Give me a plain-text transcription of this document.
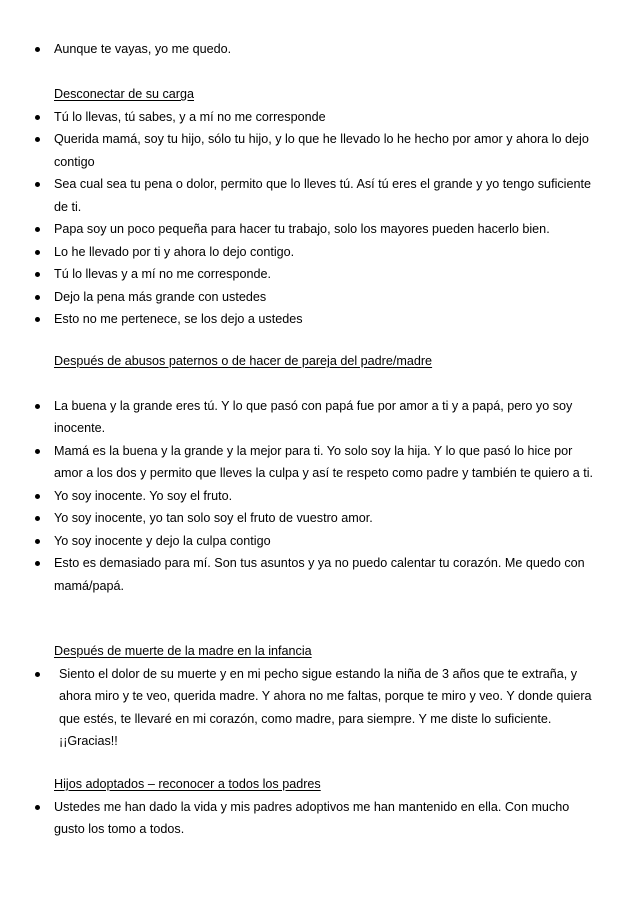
Aunque te vayas, yo me quedo.
Desconectar de su carga
Tú lo llevas, tú sabes, y a mí no me corresponde
Querida mamá, soy tu hijo, sólo tu hijo, y lo que he llevado lo he hecho por amor y ahora lo dejo contigo
Sea cual sea tu pena o dolor, permito que lo lleves tú. Así tú eres el grande y yo tengo suficiente de ti.
Papa soy un poco pequeña para hacer tu trabajo, solo los mayores pueden hacerlo bien.
Lo he llevado por ti y ahora lo dejo contigo.
Tú lo llevas y a mí no me corresponde.
Dejo la pena más grande con ustedes
Esto no me pertenece, se los dejo a ustedes
Después de abusos paternos o de hacer de pareja del padre/madre
La buena y la grande eres tú. Y lo que pasó con papá fue por amor a ti y a papá, pero yo soy inocente.
Mamá es la buena y la grande y la mejor para ti. Yo solo soy la hija. Y lo que pasó lo hice por amor a los dos y permito que lleves la culpa y así te respeto como padre y también te quiero a ti.
Yo soy inocente. Yo soy el fruto.
Yo soy inocente, yo tan solo soy el fruto de vuestro amor.
Yo soy inocente y dejo la culpa contigo
Esto es demasiado para mí. Son tus asuntos y ya no puedo calentar tu corazón. Me quedo con mamá/papá.
Después de muerte de la madre en la infancia
Siento el dolor de su muerte y en mi pecho sigue estando la niña de 3 años que te extraña, y ahora miro y te veo, querida madre. Y ahora no me faltas, porque te miro y veo. Y donde quiera que estés, te llevaré en mi corazón, como madre, para siempre. Y me diste lo suficiente. ¡¡Gracias!!
Hijos adoptados – reconocer a todos los padres
Ustedes me han dado la vida y mis padres adoptivos me han mantenido en ella. Con mucho gusto los tomo a todos.
